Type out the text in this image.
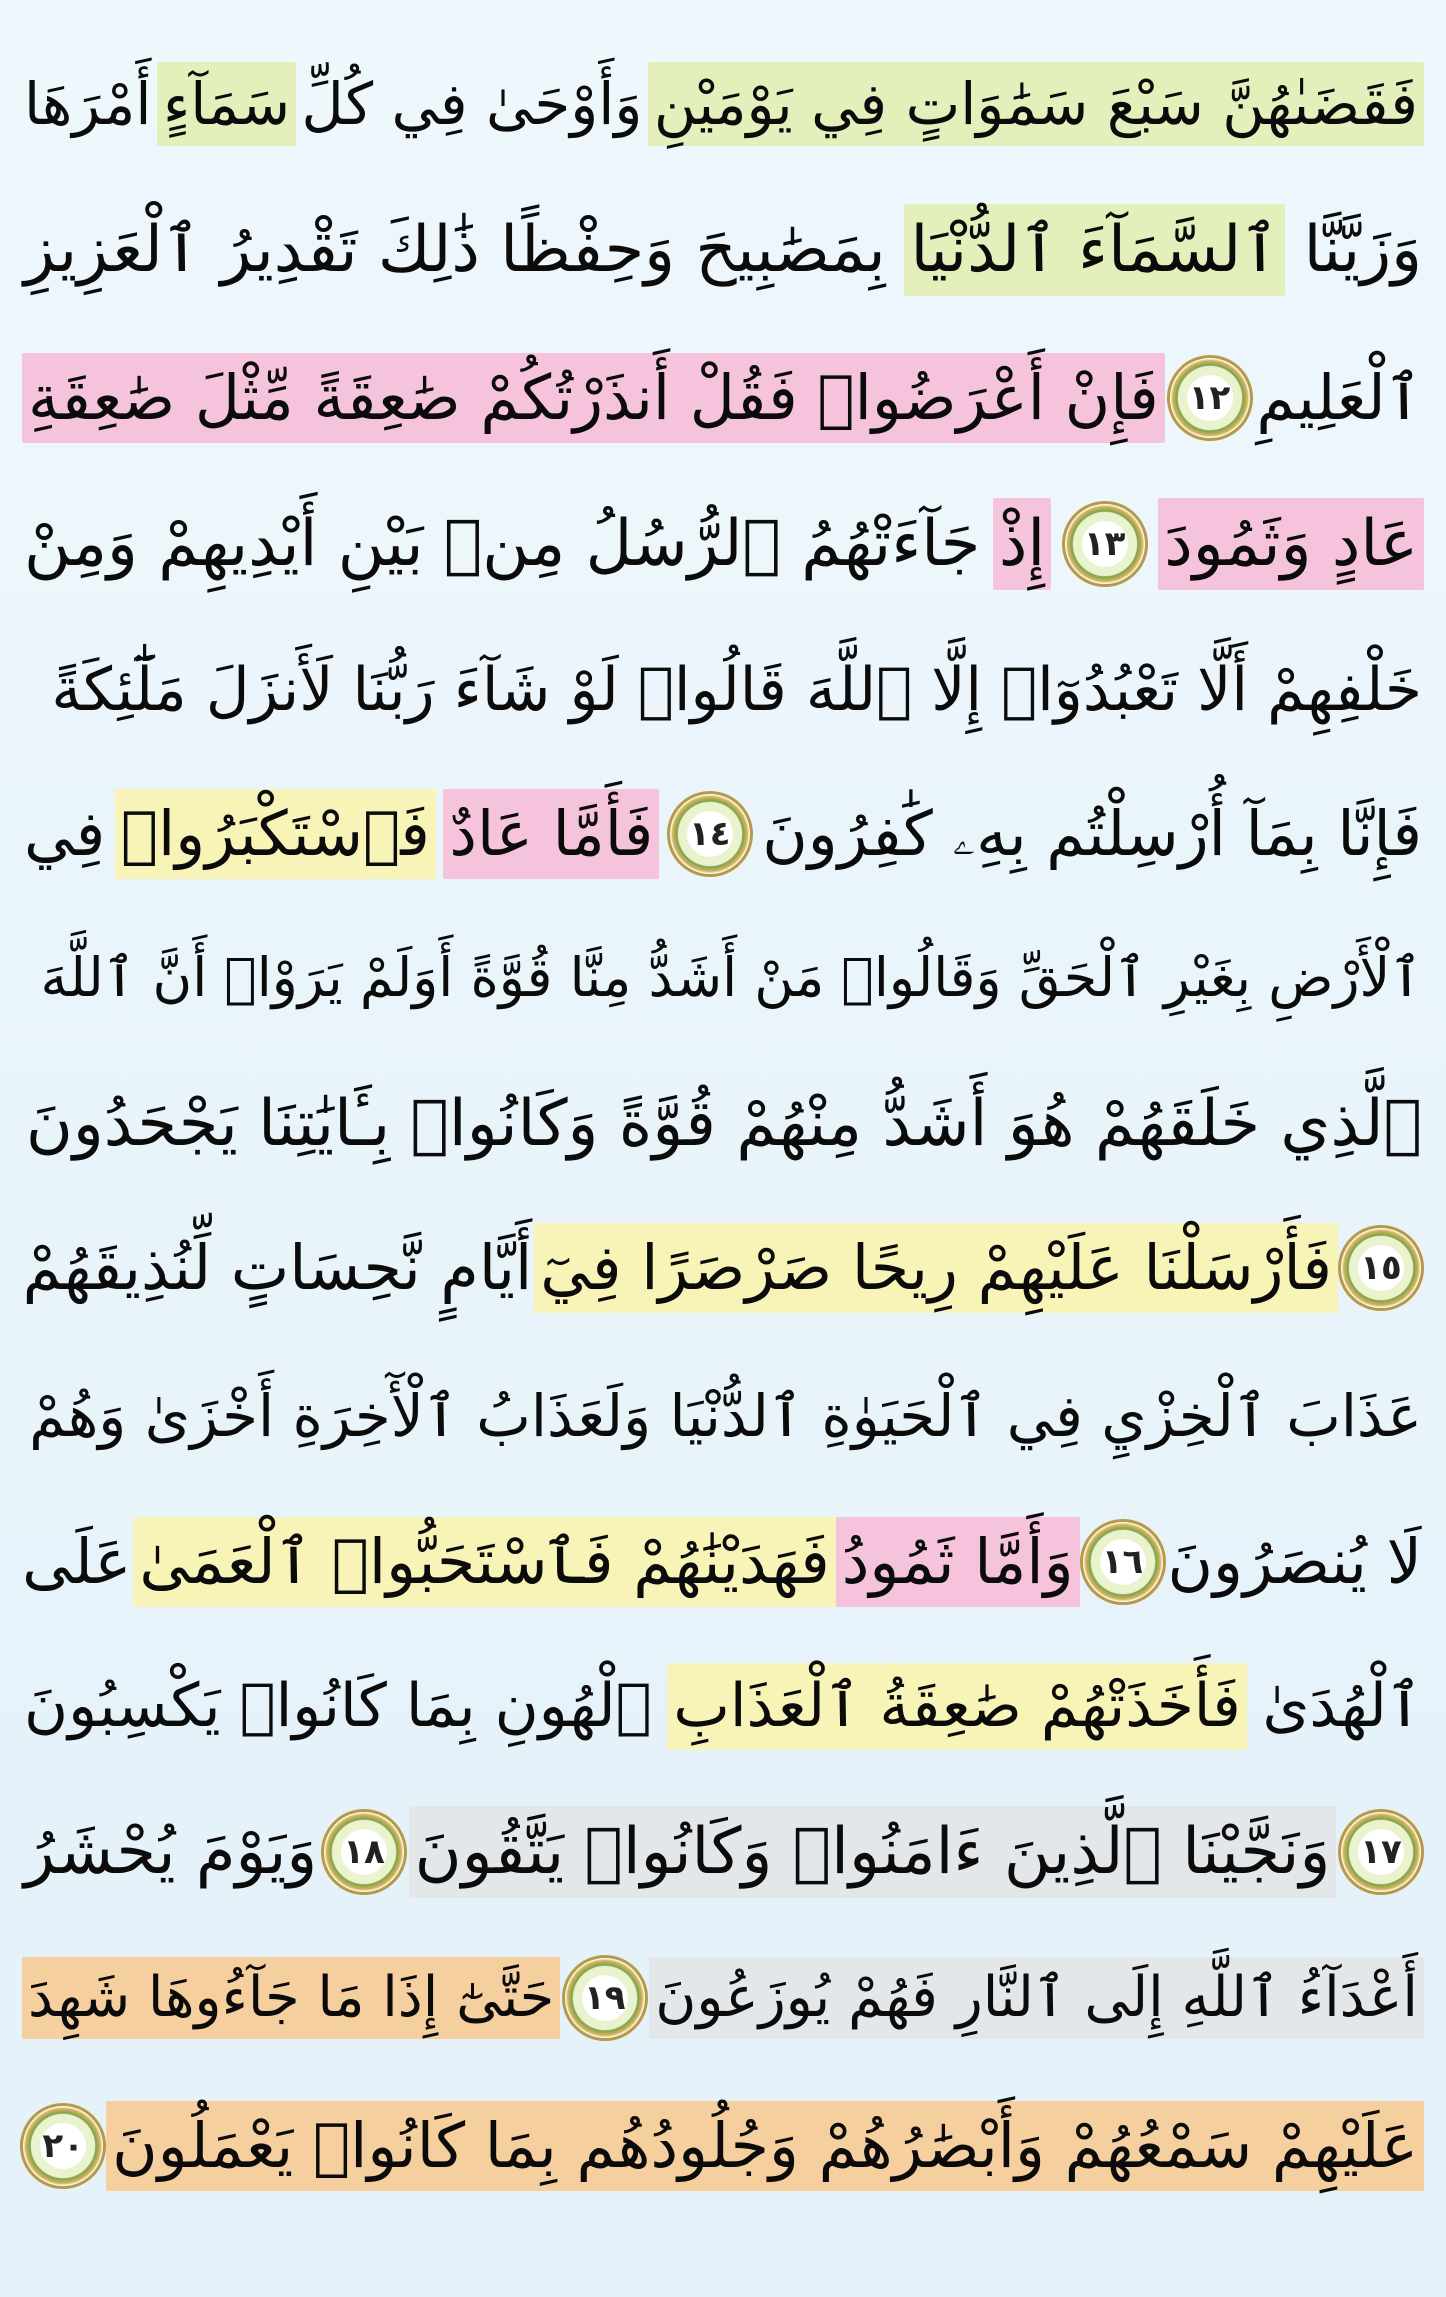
فَقَضَىٰهُنَّ سَبْعَ سَمَٰوَاتٍ فِي يَوْمَيْنِ
وَأَوْحَىٰ فِي كُلِّ
سَمَآءٍ
أَمْرَهَا
وَزَيَّنَّا
ٱلسَّمَآءَ ٱلدُّنْيَا
بِمَصَٰبِيحَ وَحِفْظًا ذَٰلِكَ تَقْدِيرُ ٱلْعَزِيزِ
ٱلْعَلِيمِ
١٢
فَإِنْ أَعْرَضُوا۟ فَقُلْ أَنذَرْتُكُمْ صَٰعِقَةً مِّثْلَ صَٰعِقَةِ
عَادٍ وَثَمُودَ
١٣
إِذْ
جَآءَتْهُمُ ٱلرُّسُلُ مِنۢ بَيْنِ أَيْدِيهِمْ وَمِنْ
خَلْفِهِمْ أَلَّا تَعْبُدُوٓا۟ إِلَّا ٱللَّهَ قَالُوا۟ لَوْ شَآءَ رَبُّنَا لَأَنزَلَ مَلَٰٓئِكَةً
فَإِنَّا بِمَآ أُرْسِلْتُم بِهِۦ كَٰفِرُونَ
١٤
فَأَمَّا عَادٌ
فَٱسْتَكْبَرُوا۟
فِي
ٱلْأَرْضِ بِغَيْرِ ٱلْحَقِّ وَقَالُوا۟ مَنْ أَشَدُّ مِنَّا قُوَّةً أَوَلَمْ يَرَوْا۟ أَنَّ ٱللَّهَ
ٱلَّذِي خَلَقَهُمْ هُوَ أَشَدُّ مِنْهُمْ قُوَّةً وَكَانُوا۟ بِـَٔايَٰتِنَا يَجْحَدُونَ
١٥
فَأَرْسَلْنَا عَلَيْهِمْ رِيحًا صَرْصَرًا فِيٓ
أَيَّامٍ نَّحِسَاتٍ لِّنُذِيقَهُمْ
عَذَابَ ٱلْخِزْيِ فِي ٱلْحَيَوٰةِ ٱلدُّنْيَا وَلَعَذَابُ ٱلْأٓخِرَةِ أَخْزَىٰ وَهُمْ
لَا يُنصَرُونَ
١٦
وَأَمَّا ثَمُودُ
فَهَدَيْنَٰهُمْ فَٱسْتَحَبُّوا۟ ٱلْعَمَىٰ
عَلَى
ٱلْهُدَىٰ
فَأَخَذَتْهُمْ صَٰعِقَةُ ٱلْعَذَابِ
ٱلْهُونِ بِمَا كَانُوا۟ يَكْسِبُونَ
١٧
وَنَجَّيْنَا ٱلَّذِينَ ءَامَنُوا۟ وَكَانُوا۟ يَتَّقُونَ
١٨
وَيَوْمَ يُحْشَرُ
أَعْدَآءُ ٱللَّهِ إِلَى ٱلنَّارِ فَهُمْ يُوزَعُونَ
١٩
حَتَّىٰٓ إِذَا مَا جَآءُوهَا شَهِدَ
عَلَيْهِمْ سَمْعُهُمْ وَأَبْصَٰرُهُمْ وَجُلُودُهُم بِمَا كَانُوا۟ يَعْمَلُونَ
٢٠
